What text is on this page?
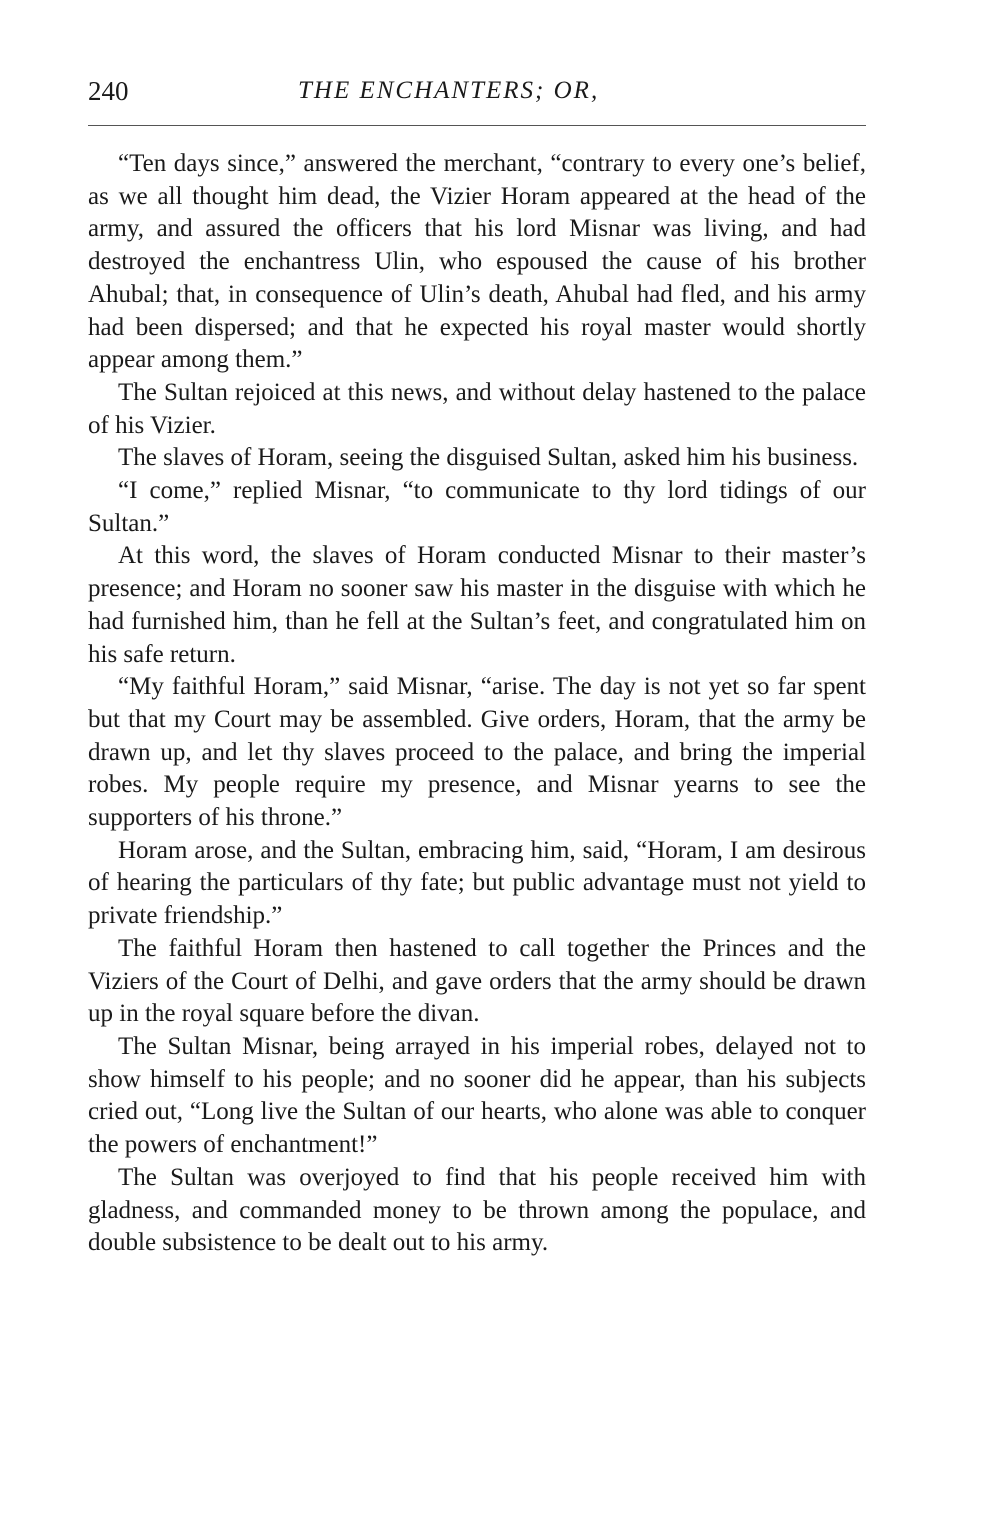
240	THE ENCHANTERS; OR,

“Ten days since,” answered the merchant, “contrary to every one’s belief, as we all thought him dead, the Vizier Horam appeared at the head of the army, and assured the officers that his lord Misnar was living, and had destroyed the enchantress Ulin, who espoused the cause of his brother Ahubal; that, in consequence of Ulin’s death, Ahubal had fled, and his army had been dispersed; and that he expected his royal master would shortly appear among them.”

The Sultan rejoiced at this news, and without delay hastened to the palace of his Vizier.

The slaves of Horam, seeing the disguised Sultan, asked him his business.

“I come,” replied Misnar, “to communicate to thy lord tidings of our Sultan.”

At this word, the slaves of Horam conducted Misnar to their master’s presence; and Horam no sooner saw his master in the disguise with which he had furnished him, than he fell at the Sultan’s feet, and congratulated him on his safe return.

“My faithful Horam,” said Misnar, “arise. The day is not yet so far spent but that my Court may be assembled. Give orders, Horam, that the army be drawn up, and let thy slaves proceed to the palace, and bring the imperial robes. My people require my presence, and Misnar yearns to see the supporters of his throne.”

Horam arose, and the Sultan, embracing him, said, “Horam, I am desirous of hearing the particulars of thy fate; but public advantage must not yield to private friendship.”

The faithful Horam then hastened to call together the Princes and the Viziers of the Court of Delhi, and gave orders that the army should be drawn up in the royal square before the divan.

The Sultan Misnar, being arrayed in his imperial robes, delayed not to show himself to his people; and no sooner did he appear, than his subjects cried out, “Long live the Sultan of our hearts, who alone was able to conquer the powers of enchantment!”

The Sultan was overjoyed to find that his people received him with gladness, and commanded money to be thrown among the populace, and double subsistence to be dealt out to his army.
